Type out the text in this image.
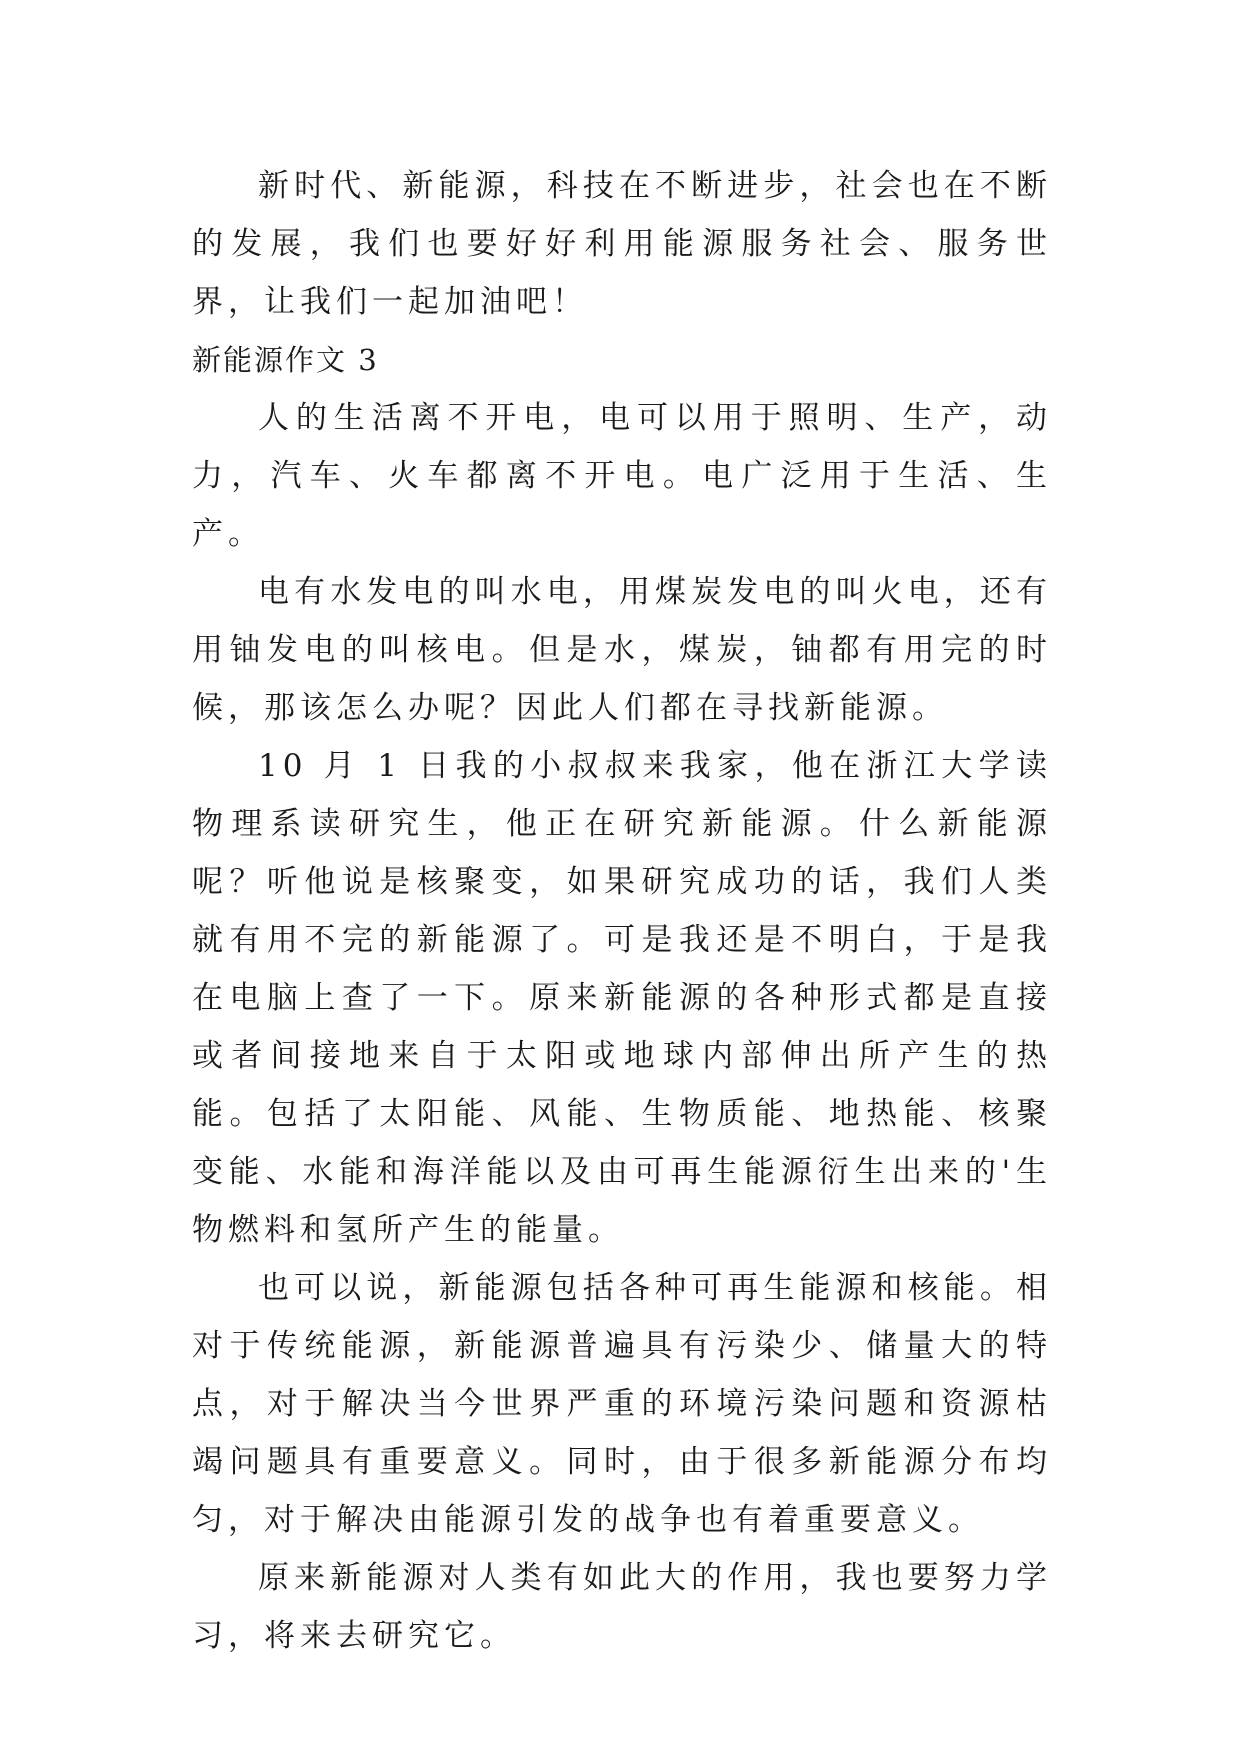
新时代、新能源，科技在不断进步，社会也在不断的发展，我们也要好好利用能源服务社会、服务世界，让我们一起加油吧！

新能源作文 3

人的生活离不开电，电可以用于照明、生产，动力，汽车、火车都离不开电。电广泛用于生活、生产。

电有水发电的叫水电，用煤炭发电的叫火电，还有用铀发电的叫核电。但是水，煤炭，铀都有用完的时候，那该怎么办呢？因此人们都在寻找新能源。

10 月 1 日我的小叔叔来我家，他在浙江大学读物理系读研究生，他正在研究新能源。什么新能源呢？听他说是核聚变，如果研究成功的话，我们人类就有用不完的新能源了。可是我还是不明白，于是我在电脑上查了一下。原来新能源的各种形式都是直接或者间接地来自于太阳或地球内部伸出所产生的热能。包括了太阳能、风能、生物质能、地热能、核聚变能、水能和海洋能以及由可再生能源衍生出来的'生物燃料和氢所产生的能量。

也可以说，新能源包括各种可再生能源和核能。相对于传统能源，新能源普遍具有污染少、储量大的特点，对于解决当今世界严重的环境污染问题和资源枯竭问题具有重要意义。同时，由于很多新能源分布均匀，对于解决由能源引发的战争也有着重要意义。

原来新能源对人类有如此大的作用，我也要努力学习，将来去研究它。
